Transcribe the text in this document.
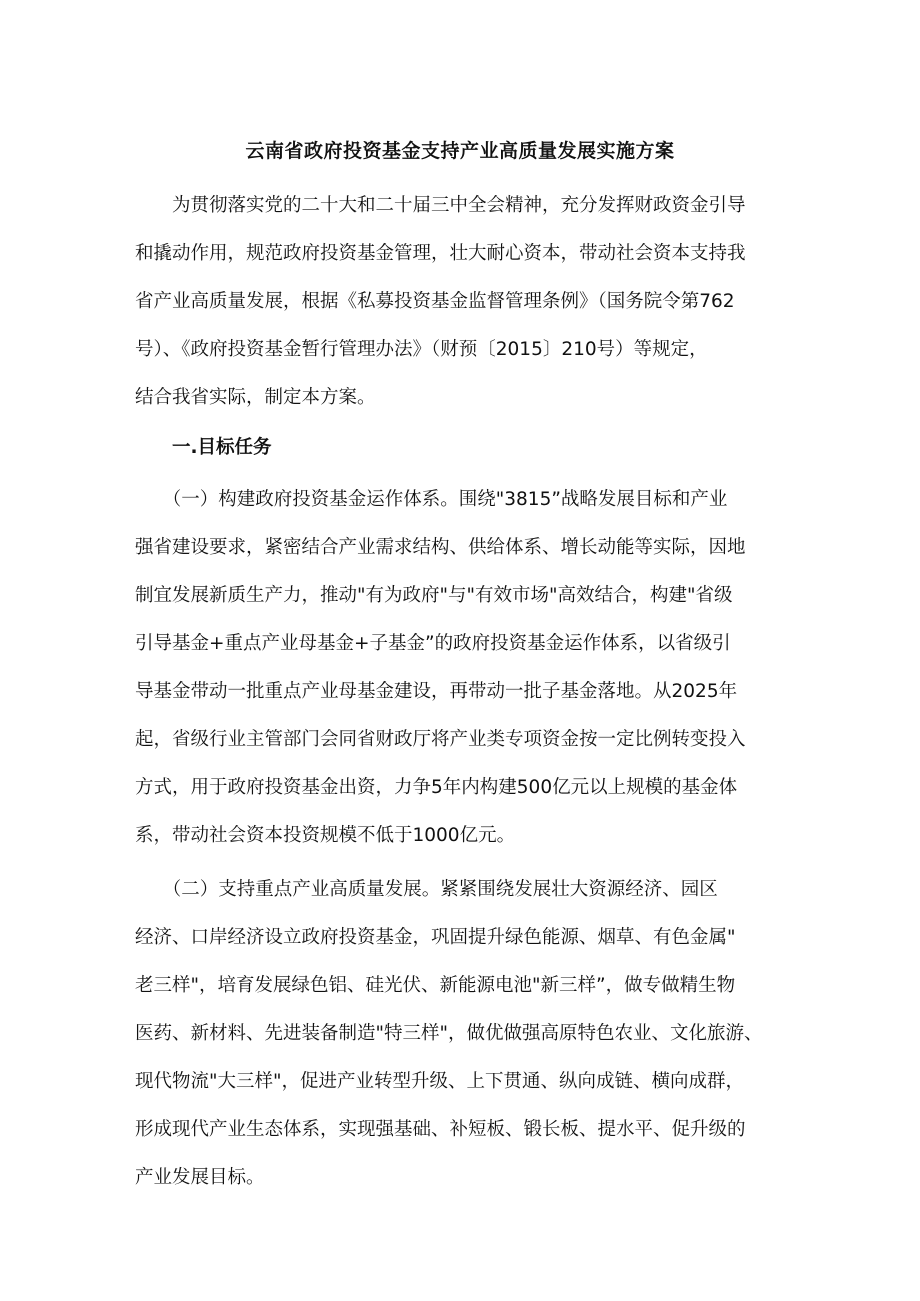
云南省政府投资基金支持产业高质量发展实施方案
　　为贯彻落实党的二十大和二十届三中全会精神，充分发挥财政资金引导
和撬动作用，规范政府投资基金管理，壮大耐心资本，带动社会资本支持我
省产业高质量发展，根据《私募投资基金监督管理条例》（国务院令第762
号）、《政府投资基金暂行管理办法》（财预〔2015〕210号）等规定，
结合我省实际，制定本方案。
一.目标任务
　　（一）构建政府投资基金运作体系。围绕"3815”战略发展目标和产业
强省建设要求，紧密结合产业需求结构、供给体系、增长动能等实际，因地
制宜发展新质生产力，推动"有为政府"与"有效市场"高效结合，构建"省级
引导基金+重点产业母基金+子基金”的政府投资基金运作体系，以省级引
导基金带动一批重点产业母基金建设，再带动一批子基金落地。从2025年
起，省级行业主管部门会同省财政厅将产业类专项资金按一定比例转变投入
方式，用于政府投资基金出资，力争5年内构建500亿元以上规模的基金体
系，带动社会资本投资规模不低于1000亿元。
　　（二）支持重点产业高质量发展。紧紧围绕发展壮大资源经济、园区
经济、口岸经济设立政府投资基金，巩固提升绿色能源、烟草、有色金属"
老三样"，培育发展绿色铝、硅光伏、新能源电池"新三样”，做专做精生物
医药、新材料、先进装备制造"特三样"，做优做强高原特色农业、文化旅游、
现代物流"大三样"，促进产业转型升级、上下贯通、纵向成链、横向成群，
形成现代产业生态体系，实现强基础、补短板、锻长板、提水平、促升级的
产业发展目标。
